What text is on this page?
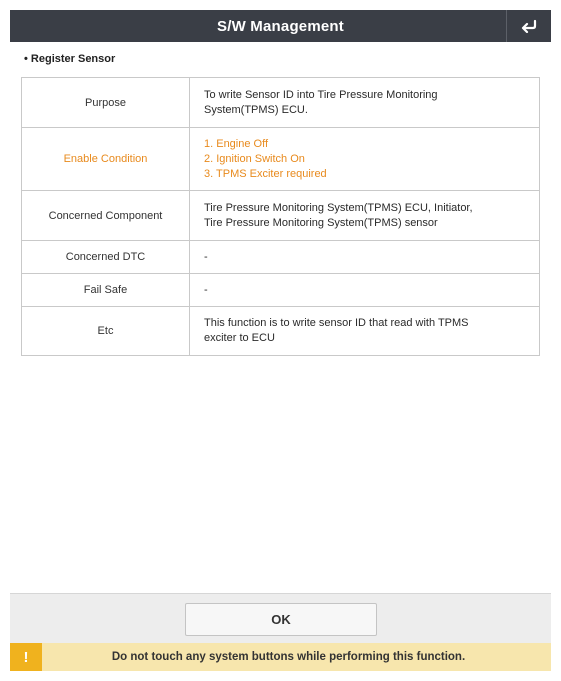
S/W Management
• Register Sensor
Purpose	To write Sensor ID into Tire Pressure Monitoring
System(TPMS) ECU.

Enable Condition	1. Engine Off
2. Ignition Switch On
3. TPMS Exciter required

Concerned Component	Tire Pressure Monitoring System(TPMS) ECU, Initiator,
Tire Pressure Monitoring System(TPMS) sensor

Concerned DTC	-

Fail Safe	-

Etc	This function is to write sensor ID that read with TPMS
exciter to ECU
OK
!	Do not touch any system buttons while performing this function.
